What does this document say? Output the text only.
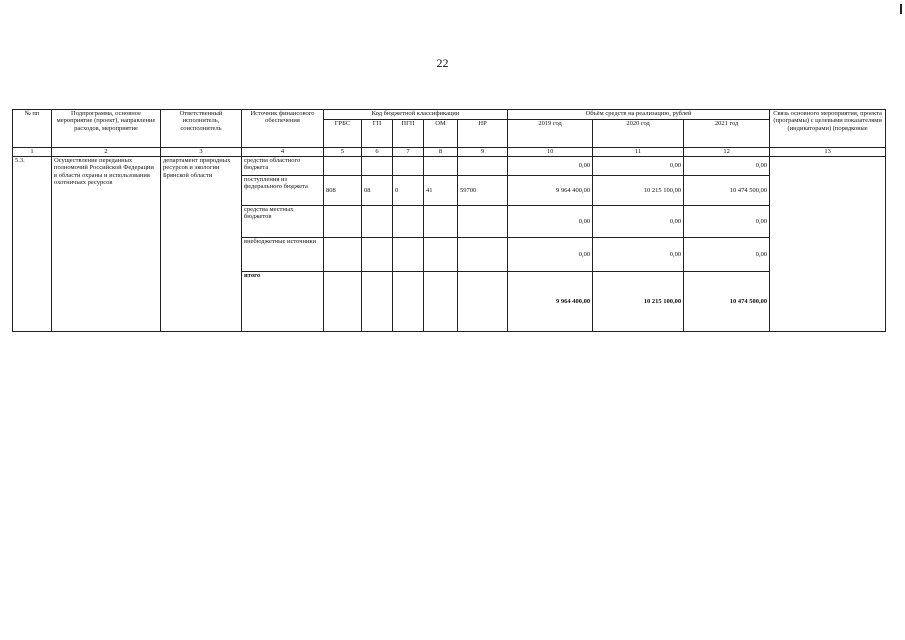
22
№ пп	Подпрограмма, основное мероприятие (проект), направление расходов, мероприятие	Ответственный исполнитель, соисполнитель	Источник финансового обеспечения	Код бюджетной классификации					Объём средств на реализацию, рублей			Связь основного мероприятия, проекта (программы) с целевыми показателями (индикаторами) (порядковые
				ГРБС	ГП	ПГП	ОМ	НР	2019 год	2020 год	2021 год	
1	2	3	4	5	6	7	8	9	10	11	12	13
5.3.	Осуществление переданных полномочий Российской Федерации в области охраны и использования охотничьих ресурсов	департамент природных ресурсов и экологии Брянской области	средства областного бюджета						0,00	0,00	0,00	
			поступления из федерального бюджета	808	08	0	41	59700	9 964 400,00	10 215 100,00	10 474 500,00	
			средства местных бюджетов						0,00	0,00	0,00	
			внебюджетные источники						0,00	0,00	0,00	
			итого						9 964 400,00	10 215 100,00	10 474 500,00	
